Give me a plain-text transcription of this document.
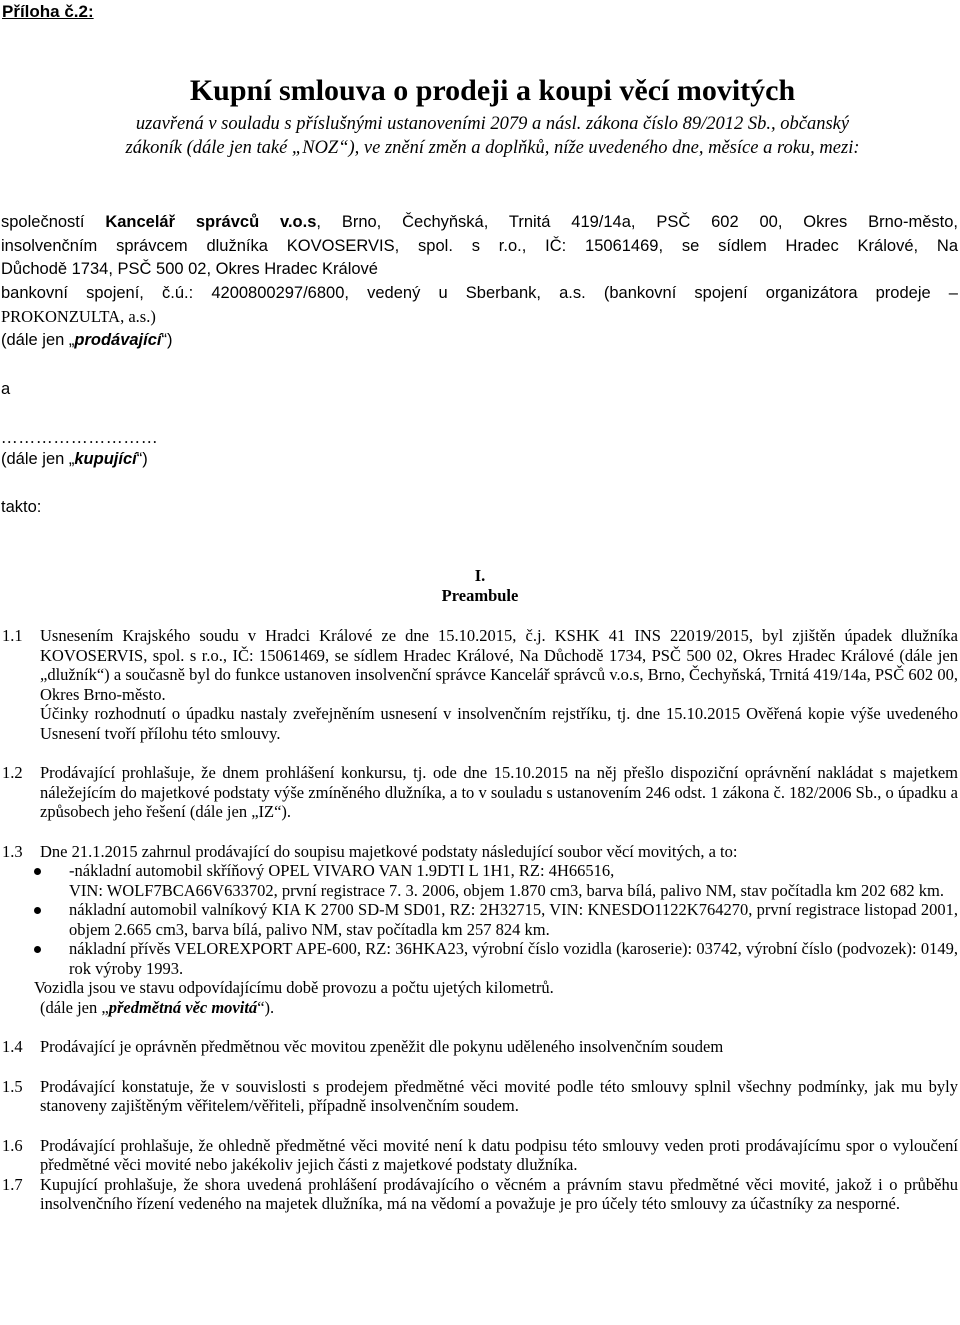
Příloha č.2:
Kupní smlouva o prodeji a koupi věcí movitých
uzavřená v souladu s příslušnými ustanoveními 2079 a násl. zákona číslo 89/2012 Sb., občanský
zákoník (dále jen také „NOZ“), ve znění změn a doplňků, níže uvedeného dne, měsíce a roku, mezi:
společností Kancelář správců v.o.s, Brno, Čechyňská, Trnitá 419/14a, PSČ 602 00, Okres Brno-město,
insolvenčním správcem dlužníka KOVOSERVIS, spol. s r.o., IČ: 15061469, se sídlem Hradec Králové, Na
Důchodě 1734, PSČ 500 02, Okres Hradec Králové
bankovní spojení, č.ú.: 4200800297/6800, vedený u Sberbank, a.s. (bankovní spojení organizátora prodeje –
PROKONZULTA, a.s.)
(dále jen „prodávající“)
a
………………………
(dále jen „kupující“)
takto:
I.
Preambule
1.1 Usnesením Krajského soudu v Hradci Králové ze dne 15.10.2015, č.j. KSHK 41 INS 22019/2015, byl zjištěn úpadek dlužníka KOVOSERVIS, spol. s r.o., IČ: 15061469, se sídlem Hradec Králové, Na Důchodě 1734, PSČ 500 02, Okres Hradec Králové (dále jen „dlužník“) a současně byl do funkce ustanoven insolvenční správce Kancelář správců v.o.s, Brno, Čechyňská, Trnitá 419/14a, PSČ 602 00, Okres Brno-město.
Účinky rozhodnutí o úpadku nastaly zveřejněním usnesení v insolvenčním rejstříku, tj. dne 15.10.2015 Ověřená kopie výše uvedeného Usnesení tvoří přílohu této smlouvy.
1.2 Prodávající prohlašuje, že dnem prohlášení konkursu, tj. ode dne 15.10.2015 na něj přešlo dispoziční oprávnění nakládat s majetkem náležejícím do majetkové podstaty výše zmíněného dlužníka, a to v souladu s ustanovením 246 odst. 1 zákona č. 182/2006 Sb., o úpadku a způsobech jeho řešení (dále jen „IZ“).
1.3 Dne 21.1.2015 zahrnul prodávající do soupisu majetkové podstaty následující soubor věcí movitých, a to:
-nákladní automobil skříňový OPEL VIVARO VAN 1.9DTI L 1H1, RZ: 4H66516,
VIN: WOLF7BCA66V633702, první registrace 7. 3. 2006, objem 1.870 cm3, barva bílá, palivo NM, stav počítadla km 202 682 km.
nákladní automobil valníkový KIA K 2700 SD-M SD01, RZ: 2H32715, VIN: KNESDO1122K764270, první registrace listopad 2001, objem 2.665 cm3, barva bílá, palivo NM, stav počítadla km 257 824 km.
nákladní přívěs VELOREXPORT APE-600, RZ: 36HKA23, výrobní číslo vozidla (karoserie): 03742, výrobní číslo (podvozek): 0149, rok výroby 1993.
Vozidla jsou ve stavu odpovídajícímu době provozu a počtu ujetých kilometrů.
(dále jen „předmětná věc movitá“).
1.4 Prodávající je oprávněn předmětnou věc movitou zpeněžit dle pokynu uděleného insolvenčním soudem
1.5 Prodávající konstatuje, že v souvislosti s prodejem předmětné věci movité podle této smlouvy splnil všechny podmínky, jak mu byly stanoveny zajištěným věřitelem/věřiteli, případně insolvenčním soudem.
1.6 Prodávající prohlašuje, že ohledně předmětné věci movité není k datu podpisu této smlouvy veden proti prodávajícímu spor o vyloučení předmětné věci movité nebo jakékoliv jejich části z majetkové podstaty dlužníka.
1.7 Kupující prohlašuje, že shora uvedená prohlášení prodávajícího o věcném a právním stavu předmětné věci movité, jakož i o průběhu insolvenčního řízení vedeného na majetek dlužníka, má na vědomí a považuje je pro účely této smlouvy za účastníky za nesporné.
